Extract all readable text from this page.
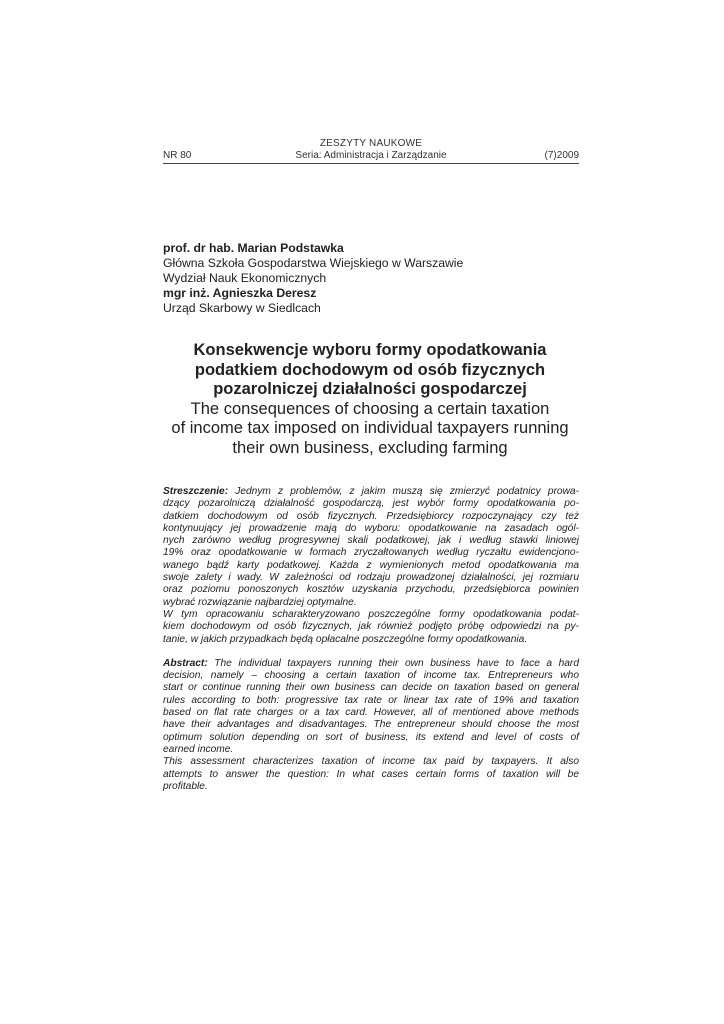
ZESZYTY NAUKOWE
NR 80	Seria: Administracja i Zarządzanie	(7)2009
prof. dr hab. Marian Podstawka
Główna Szkoła Gospodarstwa Wiejskiego w Warszawie
Wydział Nauk Ekonomicznych
mgr inż. Agnieszka Deresz
Urząd Skarbowy w Siedlcach
Konsekwencje wyboru formy opodatkowania
podatkiem dochodowym od osób fizycznych
pozarolniczej działalności gospodarczej
The consequences of choosing a certain taxation
of income tax imposed on individual taxpayers running
their own business, excluding farming
Streszczenie: Jednym z problemów, z jakim muszą się zmierzyć podatnicy prowa-
dzący pozarolniczą działalność gospodarczą, jest wybór formy opodatkowania po-
datkiem dochodowym od osób fizycznych. Przedsiębiorcy rozpoczynający czy też
kontynuujący jej prowadzenie mają do wyboru: opodatkowanie na zasadach ogól-
nych zarówno według progresywnej skali podatkowej, jak i według stawki liniowej
19% oraz opodatkowanie w formach zryczałtowanych według ryczałtu ewidencjono-
wanego bądź karty podatkowej. Każda z wymienionych metod opodatkowania ma
swoje zalety i wady. W zależności od rodzaju prowadzonej działalności, jej rozmiaru
oraz poziomu ponoszonych kosztów uzyskania przychodu, przedsiębiorca powinien
wybrać rozwiązanie najbardziej optymalne.
W tym opracowaniu scharakteryzowano poszczególne formy opodatkowania podat-
kiem dochodowym od osób fizycznych, jak również podjęto próbę odpowiedzi na py-
tanie, w jakich przypadkach będą opłacalne poszczególne formy opodatkowania.
Abstract: The individual taxpayers running their own business have to face a hard
decision, namely – choosing a certain taxation of income tax. Entrepreneurs who
start or continue running their own business can decide on taxation based on general
rules according to both: progressive tax rate or linear tax rate of 19% and taxation
based on flat rate charges or a tax card. However, all of mentioned above methods
have their advantages and disadvantages. The entrepreneur should choose the most
optimum solution depending on sort of business, its extend and level of costs of
earned income.
This assessment characterizes taxation of income tax paid by taxpayers. It also
attempts to answer the question: In what cases certain forms of taxation will be
profitable.
